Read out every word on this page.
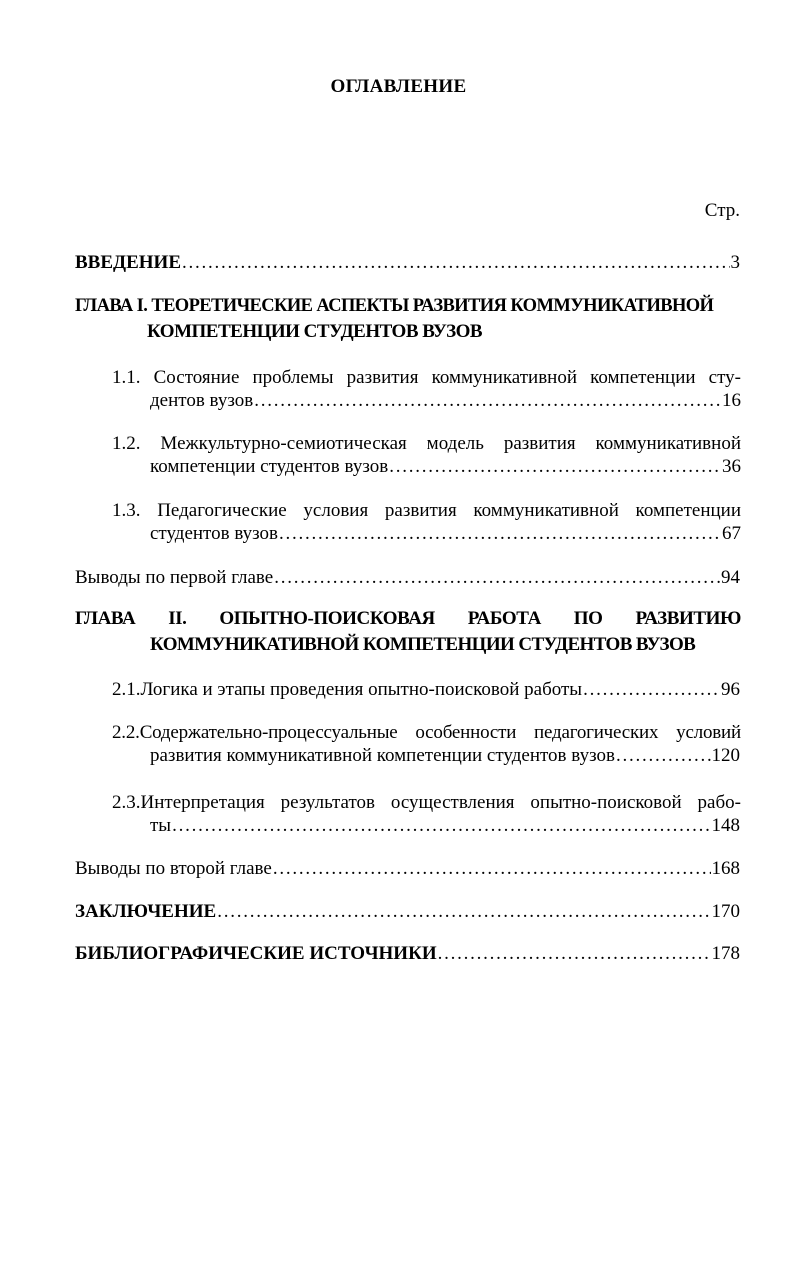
ОГЛАВЛЕНИЕ
Стр.
ВВЕДЕНИЕ . . .	3
ГЛАВА I. ТЕОРЕТИЧЕСКИЕ АСПЕКТЫ РАЗВИТИЯ КОММУНИКАТИВНОЙ
КОМПЕТЕНЦИИ СТУДЕНТОВ ВУЗОВ
1.1. Состояние проблемы развития коммуникативной компетенции сту-
дентов вузов . . .	16
1.2. Межкультурно-семиотическая модель развития коммуникативной
компетенции студентов вузов . . .	36
1.3. Педагогические условия развития коммуникативной компетенции
студентов вузов . . .	67
Выводы по первой главе . . .	94
ГЛАВА II. ОПЫТНО-ПОИСКОВАЯ РАБОТА ПО РАЗВИТИЮ
КОММУНИКАТИВНОЙ КОМПЕТЕНЦИИ СТУДЕНТОВ ВУЗОВ
2.1.Логика и этапы проведения опытно-поисковой работы . . .	96
2.2.Содержательно-процессуальные особенности педагогических условий
развития коммуникативной компетенции студентов вузов . . .	120
2.3.Интерпретация результатов осуществления опытно-поисковой рабо-
ты . . .	148
Выводы по второй главе . . .	168
ЗАКЛЮЧЕНИЕ . . .	170
БИБЛИОГРАФИЧЕСКИЕ ИСТОЧНИКИ . . .	178
